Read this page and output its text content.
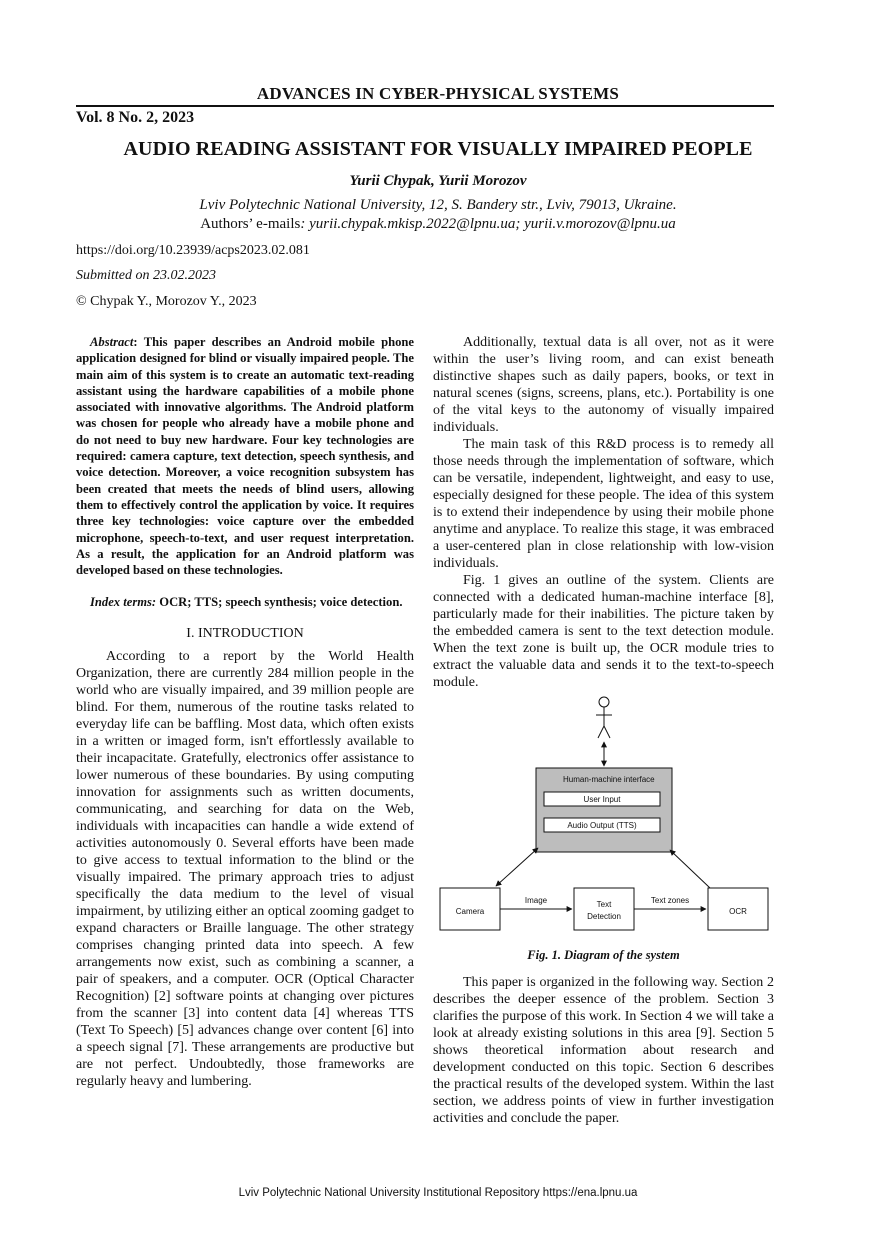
ADVANCES IN CYBER-PHYSICAL SYSTEMS
Vol. 8 No. 2, 2023
AUDIO READING ASSISTANT FOR VISUALLY IMPAIRED PEOPLE
Yurii Chypak, Yurii Morozov
Lviv Polytechnic National University, 12, S. Bandery str., Lviv, 79013, Ukraine.
Authors’ e-mails: yurii.chypak.mkisp.2022@lpnu.ua; yurii.v.morozov@lpnu.ua
https://doi.org/10.23939/acps2023.02.081
Submitted on 23.02.2023
© Chypak Y., Morozov Y., 2023

Abstract: This paper describes an Android mobile phone application designed for blind or visually impaired people. The main aim of this system is to create an automatic text-reading assistant using the hardware capabilities of a mobile phone associated with innovative algorithms. The Android platform was chosen for people who already have a mobile phone and do not need to buy new hardware. Four key technologies are required: camera capture, text detection, speech synthesis, and voice detection. Moreover, a voice recognition subsystem has been created that meets the needs of blind users, allowing them to effectively control the application by voice. It requires three key technologies: voice capture over the embedded microphone, speech-to-text, and user request interpretation. As a result, the application for an Android platform was developed based on these technologies.

Index terms: OCR; TTS; speech synthesis; voice detection.

I. INTRODUCTION

According to a report by the World Health Organization, there are currently 284 million people in the world who are visually impaired, and 39 million people are blind. For them, numerous of the routine tasks related to everyday life can be baffling. Most data, which often exists in a written or imaged form, isn't effortlessly available to their incapacitate. Gratefully, electronics offer assistance to lower numerous of these boundaries. By using computing innovation for assignments such as written documents, communicating, and searching for data on the Web, individuals with incapacities can handle a wide extend of activities autonomously 0. Several efforts have been made to give access to textual information to the blind or the visually impaired. The primary approach tries to adjust specifically the data medium to the level of visual impairment, by utilizing either an optical zooming gadget to expand characters or Braille language. The other strategy comprises changing printed data into speech. A few arrangements now exist, such as combining a scanner, a pair of speakers, and a computer. OCR (Optical Character Recognition) [2] software points at changing over pictures from the scanner [3] into content data [4] whereas TTS (Text To Speech) [5] advances change over content [6] into a speech signal [7]. These arrangements are productive but are not perfect. Undoubtedly, those frameworks are regularly heavy and lumbering.

Additionally, textual data is all over, not as it were within the user’s living room, and can exist beneath distinctive shapes such as daily papers, books, or text in natural scenes (signs, screens, plans, etc.). Portability is one of the vital keys to the autonomy of visually impaired individuals.

The main task of this R&D process is to remedy all those needs through the implementation of software, which can be versatile, independent, lightweight, and easy to use, especially designed for these people. The idea of this system is to extend their independence by using their mobile phone anytime and anyplace. To realize this stage, it was embraced a user-centered plan in close relationship with low-vision individuals.

Fig. 1 gives an outline of the system. Clients are connected with a dedicated human-machine interface [8], particularly made for their inabilities. The picture taken by the embedded camera is sent to the text detection module. When the text zone is built up, the OCR module tries to extract the valuable data and sends it to the text-to-speech module.

Human-machine interface
User Input
Audio Output (TTS)
Camera
Text
Detection
OCR
Image	Text zones
Fig. 1. Diagram of the system

This paper is organized in the following way. Section 2 describes the deeper essence of the problem. Section 3 clarifies the purpose of this work. In Section 4 we will take a look at already existing solutions in this area [9]. Section 5 shows theoretical information about research and development conducted on this topic. Section 6 describes the practical results of the developed system. Within the last section, we address points of view in further investigation activities and conclude the paper.

Lviv Polytechnic National University Institutional Repository https://ena.lpnu.ua
